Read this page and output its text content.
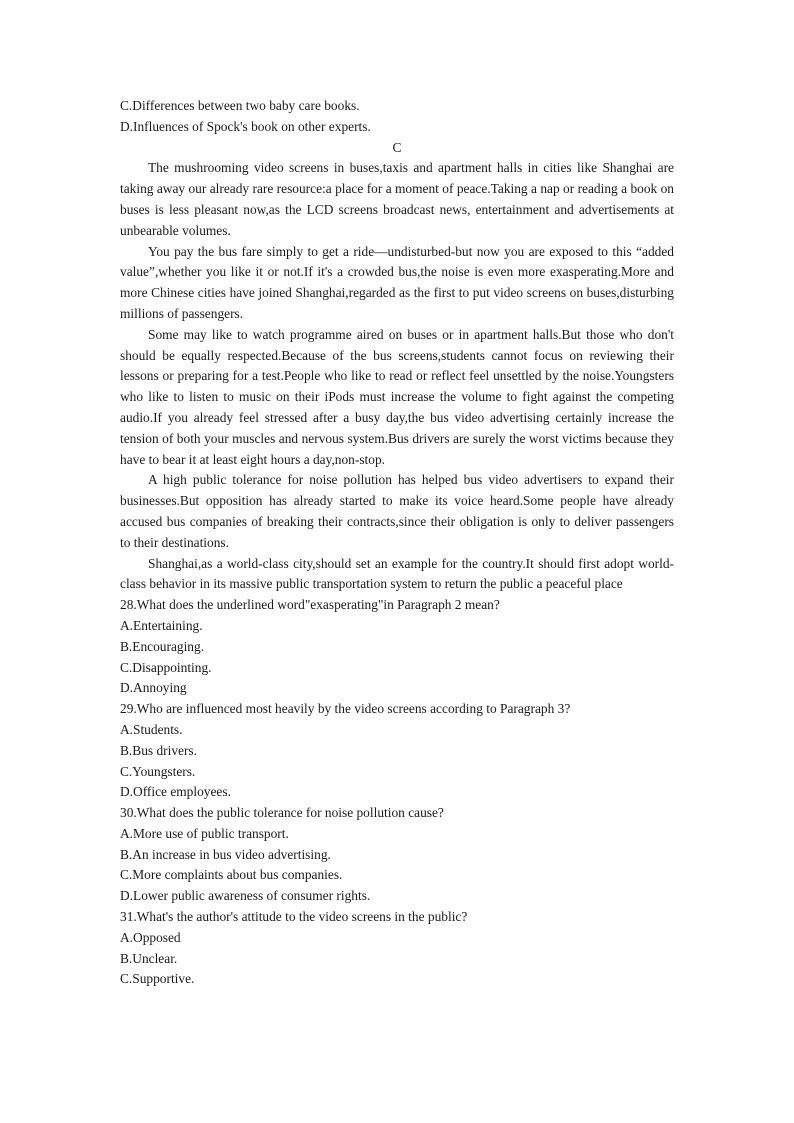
C.Differences between two baby care books.

D.Influences of Spock's book on other experts.

C

The mushrooming video screens in buses,taxis and apartment halls in cities like Shanghai are taking away our already rare resource:a place for a moment of peace.Taking a nap or reading a book on buses is less pleasant now,as the LCD screens broadcast news, entertainment and advertisements at unbearable volumes.

You pay the bus fare simply to get a ride—undisturbed-but now you are exposed to this “added value”,whether you like it or not.If it's a crowded bus,the noise is even more exasperating.More and more Chinese cities have joined Shanghai,regarded as the first to put video screens on buses,disturbing millions of passengers.

Some may like to watch programme aired on buses or in apartment halls.But those who don't should be equally respected.Because of the bus screens,students cannot focus on reviewing their lessons or preparing for a test.People who like to read or reflect feel unsettled by the noise.Youngsters who like to listen to music on their iPods must increase the volume to fight against the competing audio.If you already feel stressed after a busy day,the bus video advertising certainly increase the tension of both your muscles and nervous system.Bus drivers are surely the worst victims because they have to bear it at least eight hours a day,non-stop.

A high public tolerance for noise pollution has helped bus video advertisers to expand their businesses.But opposition has already started to make its voice heard.Some people have already accused bus companies of breaking their contracts,since their obligation is only to deliver passengers to their destinations.

Shanghai,as a world-class city,should set an example for the country.It should first adopt world-class behavior in its massive public transportation system to return the public a peaceful place

28.What does the underlined word"exasperating"in Paragraph 2 mean?

A.Entertaining.

B.Encouraging.

C.Disappointing.

D.Annoying

29.Who are influenced most heavily by the video screens according to Paragraph 3?

A.Students.

B.Bus drivers.

C.Youngsters.

D.Office employees.

30.What does the public tolerance for noise pollution cause?

A.More use of public transport.

B.An increase in bus video advertising.

C.More complaints about bus companies.

D.Lower public awareness of consumer rights.

31.What's the author's attitude to the video screens in the public?

A.Opposed

B.Unclear.

C.Supportive.
